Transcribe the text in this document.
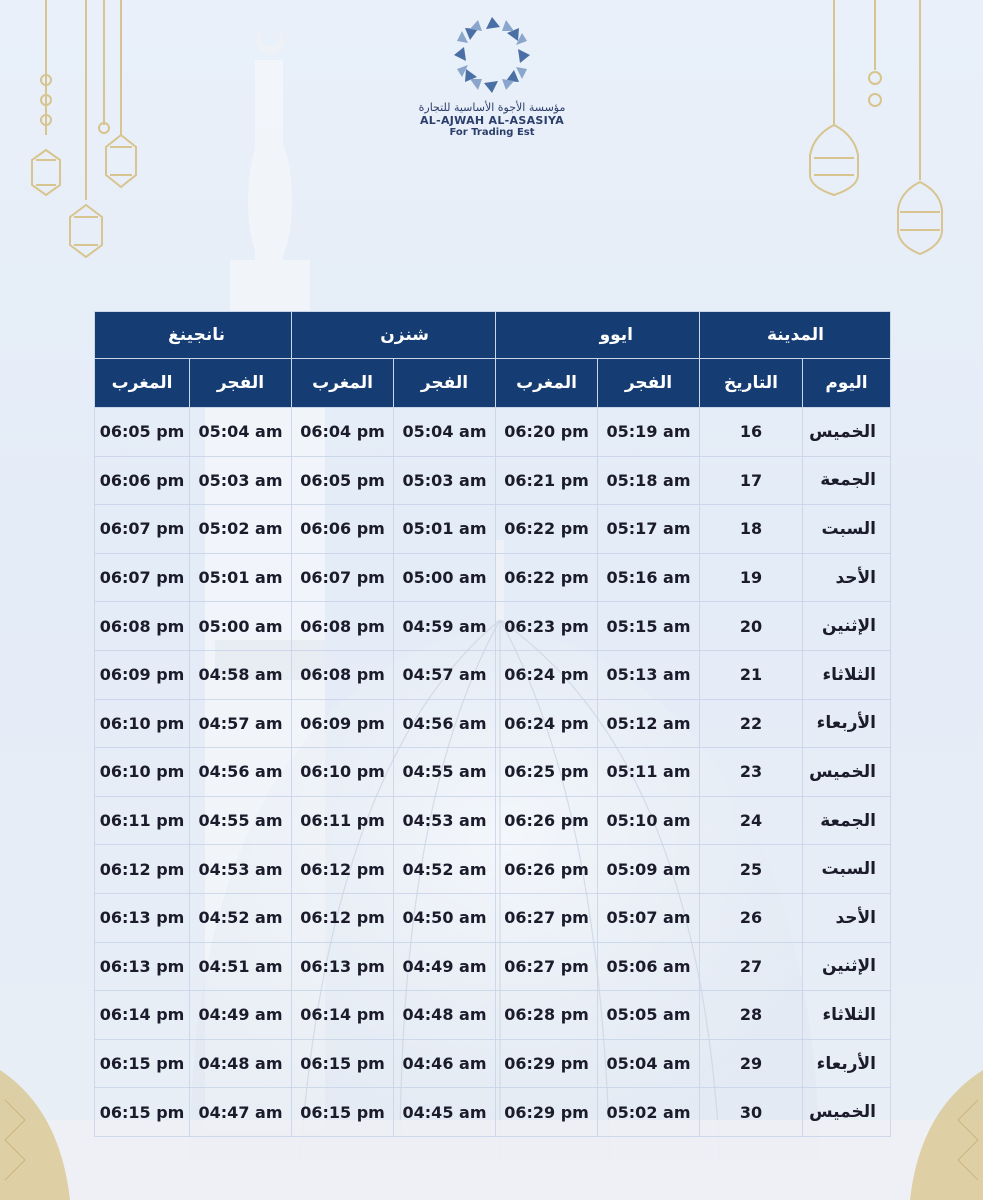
مؤسسة الأجوة الأساسية للتجارة
AL-AJWAH AL-ASASIYA
For Trading Est
المدينة		ايوو		شنزن		نانجينغ	
اليوم	التاريخ	الفجر	المغرب	الفجر	المغرب	الفجر	المغرب
الخميس	16	05:19 am	06:20 pm	05:04 am	06:04 pm	05:04 am	06:05 pm
الجمعة	17	05:18 am	06:21 pm	05:03 am	06:05 pm	05:03 am	06:06 pm
السبت	18	05:17 am	06:22 pm	05:01 am	06:06 pm	05:02 am	06:07 pm
الأحد	19	05:16 am	06:22 pm	05:00 am	06:07 pm	05:01 am	06:07 pm
الإثنين	20	05:15 am	06:23 pm	04:59 am	06:08 pm	05:00 am	06:08 pm
الثلاثاء	21	05:13 am	06:24 pm	04:57 am	06:08 pm	04:58 am	06:09 pm
الأربعاء	22	05:12 am	06:24 pm	04:56 am	06:09 pm	04:57 am	06:10 pm
الخميس	23	05:11 am	06:25 pm	04:55 am	06:10 pm	04:56 am	06:10 pm
الجمعة	24	05:10 am	06:26 pm	04:53 am	06:11 pm	04:55 am	06:11 pm
السبت	25	05:09 am	06:26 pm	04:52 am	06:12 pm	04:53 am	06:12 pm
الأحد	26	05:07 am	06:27 pm	04:50 am	06:12 pm	04:52 am	06:13 pm
الإثنين	27	05:06 am	06:27 pm	04:49 am	06:13 pm	04:51 am	06:13 pm
الثلاثاء	28	05:05 am	06:28 pm	04:48 am	06:14 pm	04:49 am	06:14 pm
الأربعاء	29	05:04 am	06:29 pm	04:46 am	06:15 pm	04:48 am	06:15 pm
الخميس	30	05:02 am	06:29 pm	04:45 am	06:15 pm	04:47 am	06:15 pm
